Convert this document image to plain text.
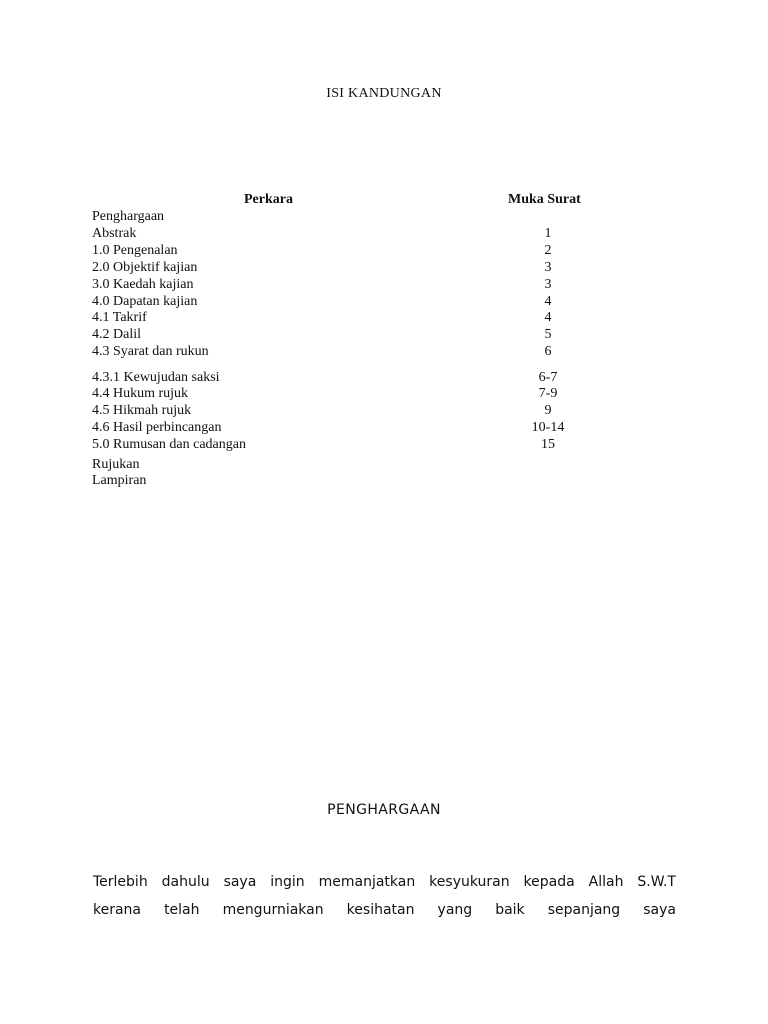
ISI KANDUNGAN
Perkara	Muka Surat
Penghargaan
Abstrak	1
1.0 Pengenalan	2
2.0 Objektif kajian	3
3.0 Kaedah kajian	3
4.0 Dapatan kajian	4
4.1 Takrif	4
4.2 Dalil	5
4.3 Syarat dan rukun	6
4.3.1 Kewujudan saksi	6-7
4.4 Hukum rujuk	7-9
4.5 Hikmah rujuk	9
4.6 Hasil perbincangan	10-14
5.0 Rumusan dan cadangan	15
Rujukan
Lampiran
PENGHARGAAN
Terlebih dahulu saya ingin memanjatkan kesyukuran kepada Allah S.W.T
kerana telah mengurniakan kesihatan yang baik sepanjang saya
